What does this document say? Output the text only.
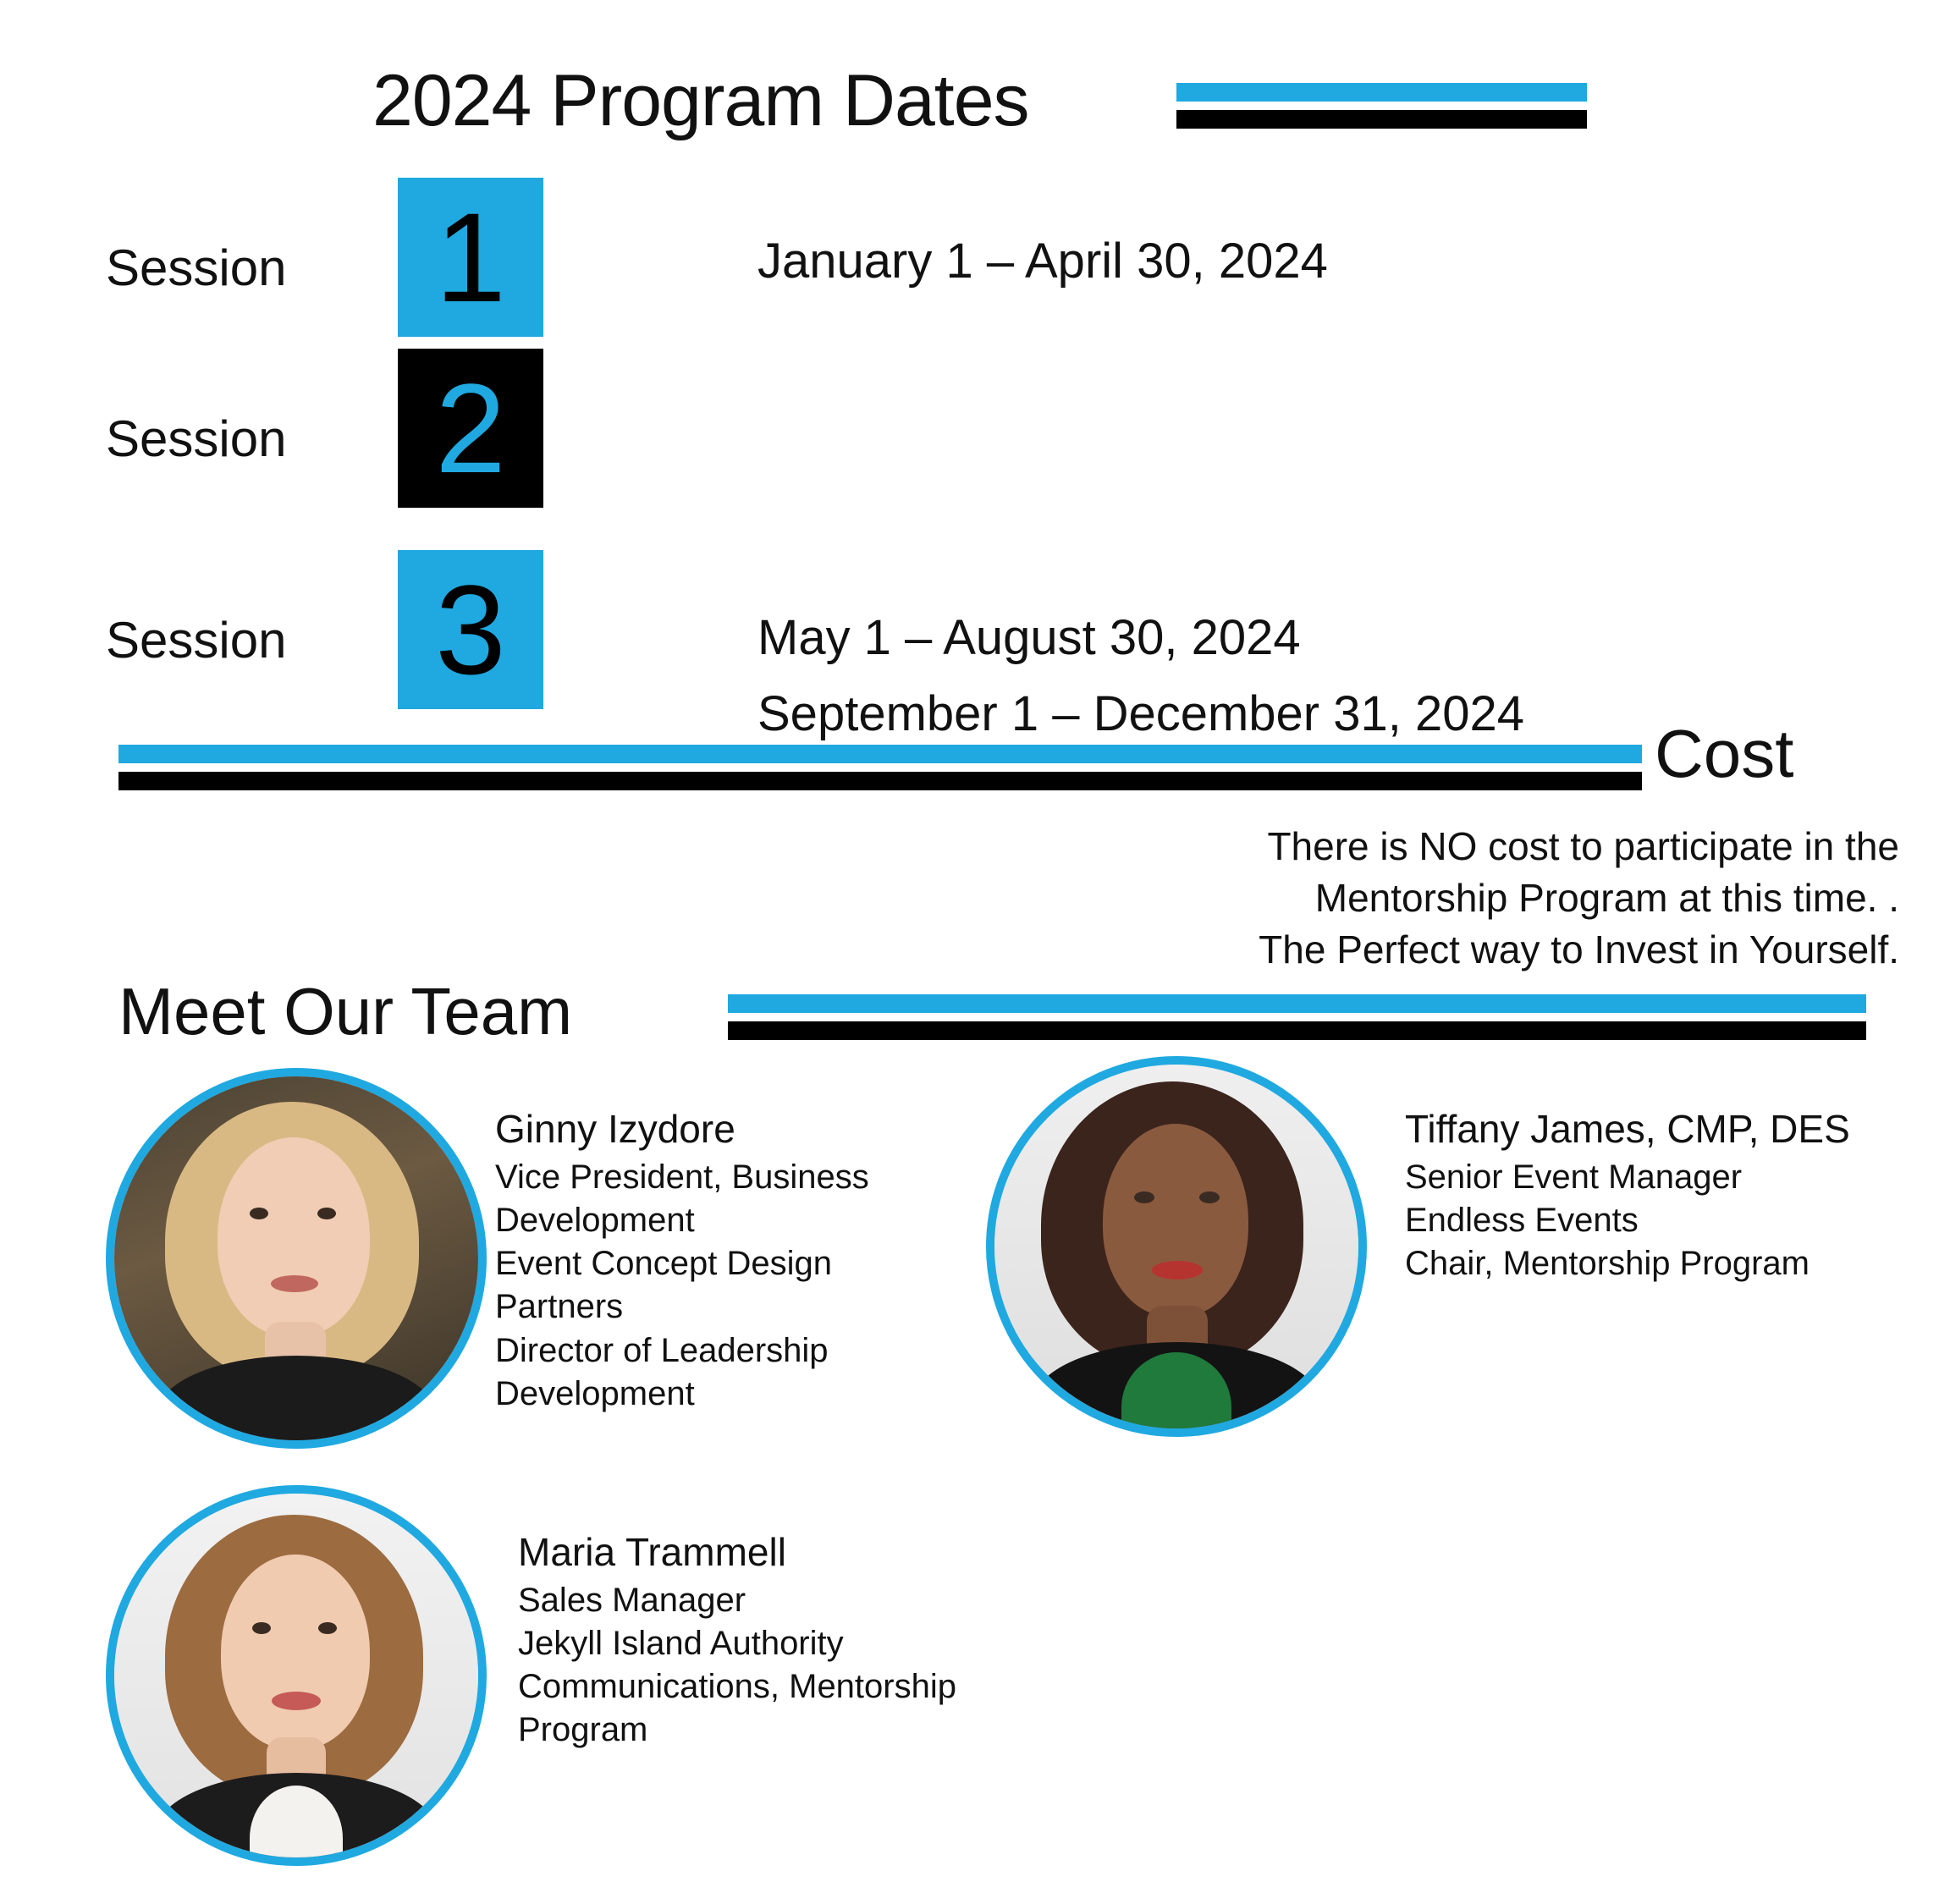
2024 Program Dates
Session 1	January 1 – April 30, 2024
Session 2
May 1 – August 30, 2024
Session 3
September 1 – December 31, 2024
Cost
There is NO cost to participate in the
Mentorship Program at this time. .
The Perfect way to Invest in Yourself.
Meet Our Team
Ginny Izydore
Vice President, Business
Development
Event Concept Design
Partners
Director of Leadership
Development
Tiffany James, CMP, DES
Senior Event Manager
Endless Events
Chair, Mentorship Program
Maria Trammell
Sales Manager
Jekyll Island Authority
Communications, Mentorship
Program
